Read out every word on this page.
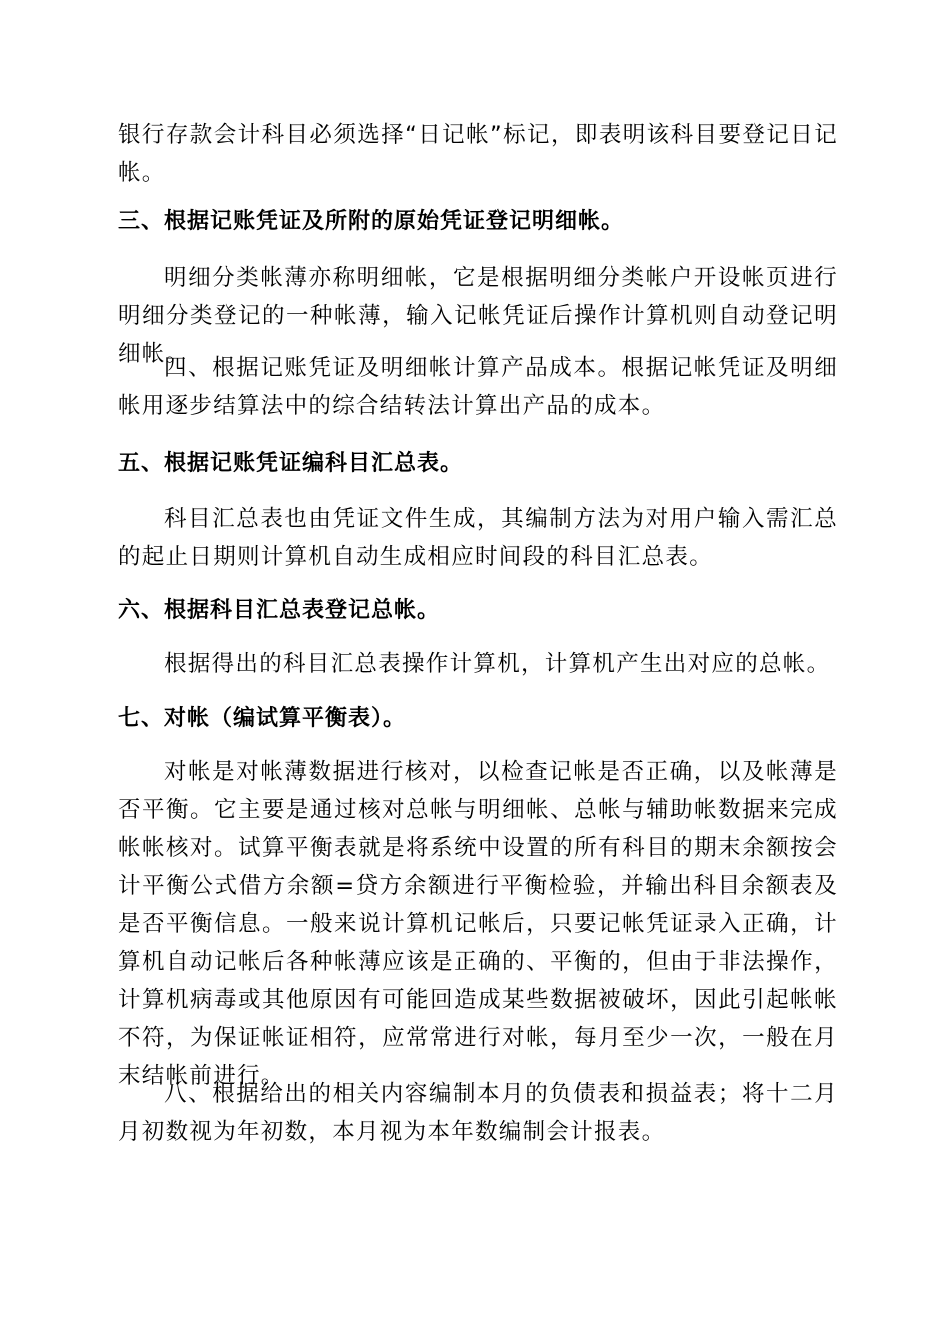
银行存款会计科目必须选择“日记帐”标记，即表明该科目要登记日记帐。

三、根据记账凭证及所附的原始凭证登记明细帐。

明细分类帐薄亦称明细帐，它是根据明细分类帐户开设帐页进行明细分类登记的一种帐薄，输入记帐凭证后操作计算机则自动登记明细帐。

四、根据记账凭证及明细帐计算产品成本。根据记帐凭证及明细帐用逐步结算法中的综合结转法计算出产品的成本。

五、根据记账凭证编科目汇总表。

科目汇总表也由凭证文件生成，其编制方法为对用户输入需汇总的起止日期则计算机自动生成相应时间段的科目汇总表。

六、根据科目汇总表登记总帐。

根据得出的科目汇总表操作计算机，计算机产生出对应的总帐。

七、对帐（编试算平衡表）。

对帐是对帐薄数据进行核对，以检查记帐是否正确，以及帐薄是否平衡。它主要是通过核对总帐与明细帐、总帐与辅助帐数据来完成帐帐核对。试算平衡表就是将系统中设置的所有科目的期末余额按会计平衡公式借方余额=贷方余额进行平衡检验，并输出科目余额表及是否平衡信息。一般来说计算机记帐后，只要记帐凭证录入正确，计算机自动记帐后各种帐薄应该是正确的、平衡的，但由于非法操作，计算机病毒或其他原因有可能回造成某些数据被破坏，因此引起帐帐不符，为保证帐证相符，应常常进行对帐，每月至少一次，一般在月末结帐前进行。

八、根据给出的相关内容编制本月的负债表和损益表；将十二月月初数视为年初数，本月视为本年数编制会计报表。
